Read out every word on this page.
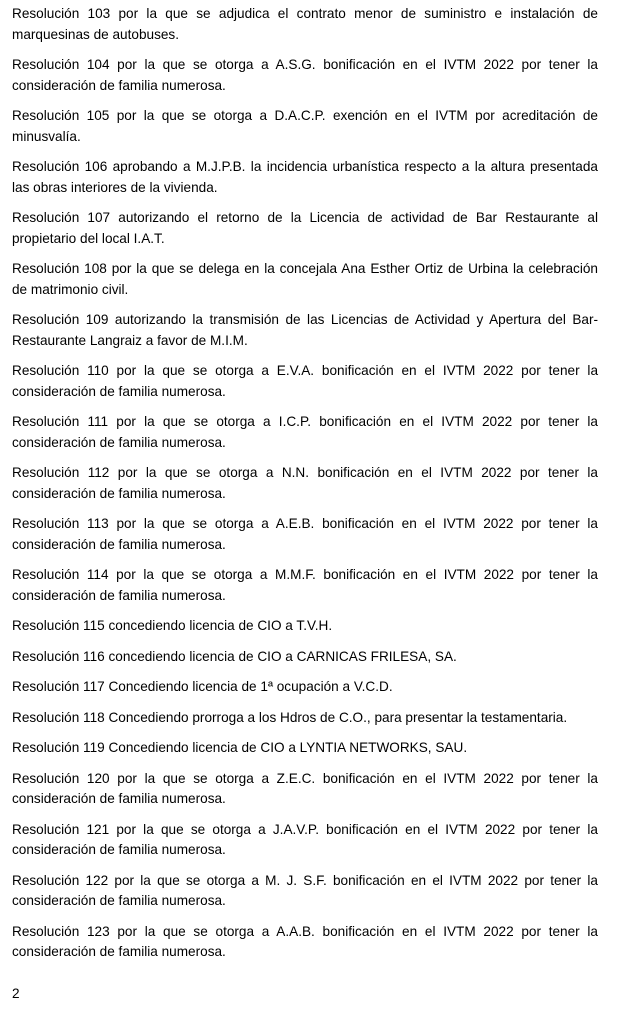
Resolución 103 por la que se adjudica el contrato menor de suministro e instalación de marquesinas de autobuses.

Resolución 104 por la que se otorga a A.S.G. bonificación en el IVTM 2022 por tener la consideración de familia numerosa.

Resolución 105 por la que se otorga a D.A.C.P. exención en el IVTM por acreditación de minusvalía.

Resolución 106 aprobando a M.J.P.B. la incidencia urbanística respecto a la altura presentada las obras interiores de la vivienda.

Resolución 107 autorizando el retorno de la Licencia de actividad de Bar Restaurante al propietario del local I.A.T.

Resolución 108 por la que se delega en la concejala Ana Esther Ortiz de Urbina la celebración de matrimonio civil.

Resolución 109 autorizando la transmisión de las Licencias de Actividad y Apertura del Bar-Restaurante Langraiz a favor de M.I.M.

Resolución 110 por la que se otorga a E.V.A. bonificación en el IVTM 2022 por tener la consideración de familia numerosa.

Resolución 111 por la que se otorga a I.C.P. bonificación en el IVTM 2022 por tener la consideración de familia numerosa.

Resolución 112 por la que se otorga a N.N. bonificación en el IVTM 2022 por tener la consideración de familia numerosa.

Resolución 113 por la que se otorga a A.E.B. bonificación en el IVTM 2022 por tener la consideración de familia numerosa.

Resolución 114 por la que se otorga a M.M.F. bonificación en el IVTM 2022 por tener la consideración de familia numerosa.

Resolución 115 concediendo licencia de CIO a T.V.H.

Resolución 116 concediendo licencia de CIO a CARNICAS FRILESA, SA.

Resolución 117 Concediendo licencia de 1ª ocupación a V.C.D.

Resolución 118 Concediendo prorroga a los Hdros de C.O., para presentar la testamentaria.

Resolución 119 Concediendo licencia de CIO a LYNTIA NETWORKS, SAU.

Resolución 120 por la que se otorga a Z.E.C. bonificación en el IVTM 2022 por tener la consideración de familia numerosa.

Resolución 121 por la que se otorga a J.A.V.P. bonificación en el IVTM 2022 por tener la consideración de familia numerosa.

Resolución 122 por la que se otorga a M. J. S.F. bonificación en el IVTM 2022 por tener la consideración de familia numerosa.

Resolución 123 por la que se otorga a A.A.B. bonificación en el IVTM 2022 por tener la consideración de familia numerosa.

2
